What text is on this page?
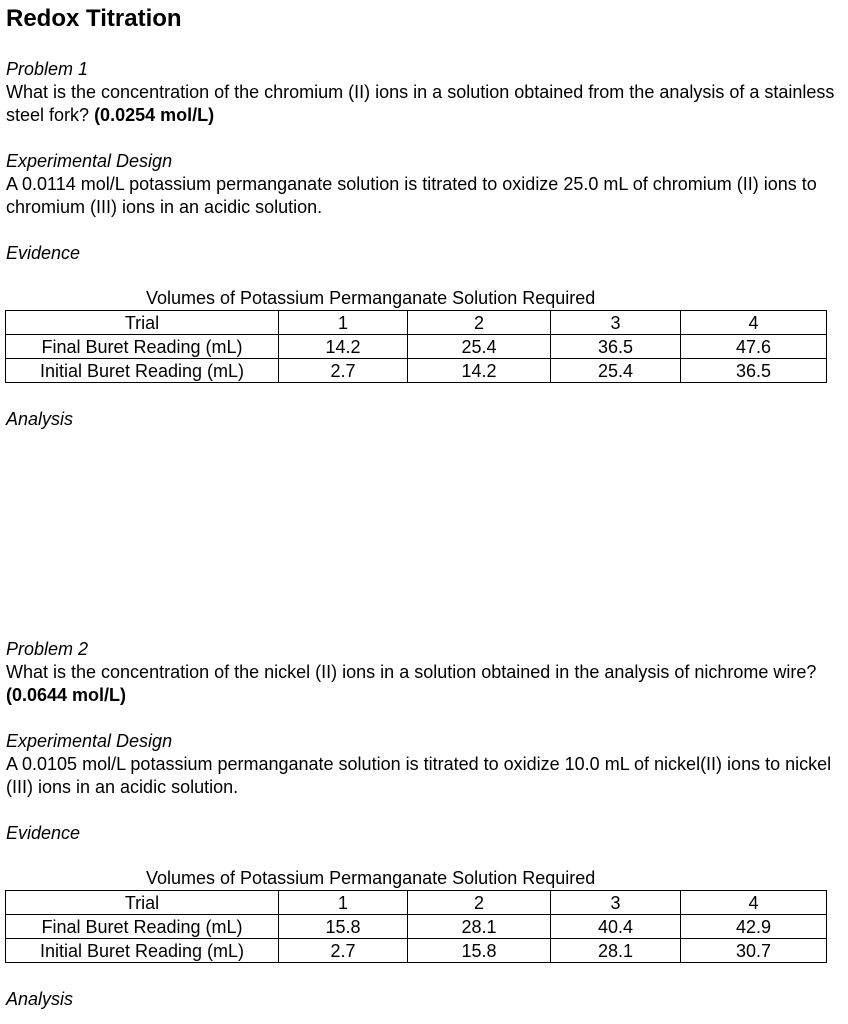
Redox Titration
Problem 1
What is the concentration of the chromium (II) ions in a solution obtained from the analysis of a stainless steel fork? (0.0254 mol/L)
Experimental Design
A 0.0114 mol/L potassium permanganate solution is titrated to oxidize 25.0 mL of chromium (II) ions to chromium (III) ions in an acidic solution.
Evidence
Volumes of Potassium Permanganate Solution Required
Trial	1	2	3	4
Final Buret Reading (mL)	14.2	25.4	36.5	47.6
Initial Buret Reading (mL)	2.7	14.2	25.4	36.5
Analysis
Problem 2
What is the concentration of the nickel (II) ions in a solution obtained in the analysis of nichrome wire? (0.0644 mol/L)
Experimental Design
A 0.0105 mol/L potassium permanganate solution is titrated to oxidize 10.0 mL of nickel(II) ions to nickel (III) ions in an acidic solution.
Evidence
Volumes of Potassium Permanganate Solution Required
Trial	1	2	3	4
Final Buret Reading (mL)	15.8	28.1	40.4	42.9
Initial Buret Reading (mL)	2.7	15.8	28.1	30.7
Analysis
